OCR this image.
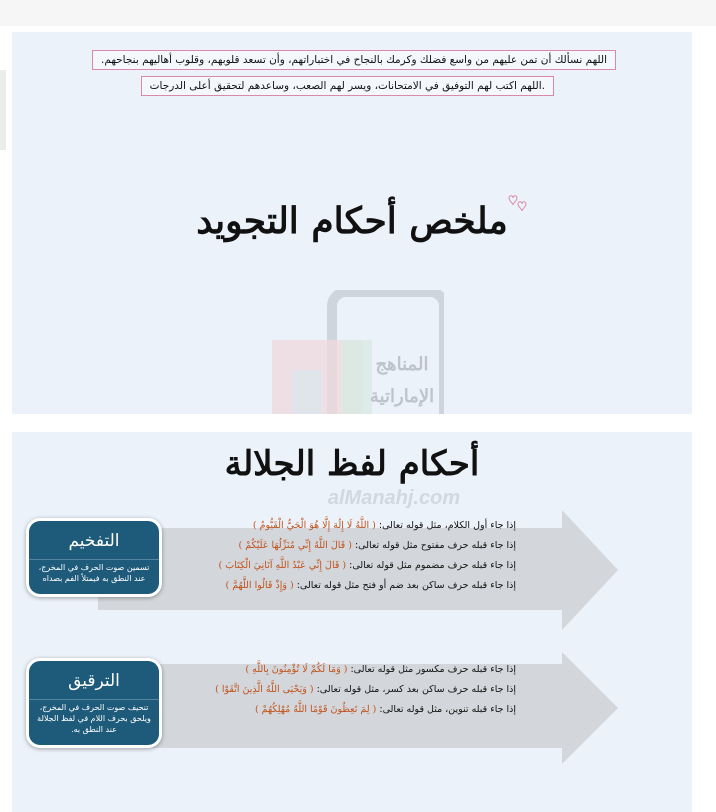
اللهم نسألك أن تمن عليهم من واسع فضلك وكرمك بالنجاح في اختباراتهم، وأن تسعد قلوبهم، وقلوب أهاليهم بنجاحهم.
.اللهم اكتب لهم التوفيق في الامتحانات، ويسر لهم الصعب، وساعدهم لتحقيق أعلى الدرجات
ملخص أحكام التجويد
المناهج
الإماراتية
أحكام لفظ الجلالة
إذا جاء أول الكلام، مثل قوله تعالى: ( اللَّهُ لَا إِلَٰهَ إِلَّا هُوَ الْحَيُّ الْقَيُّومُ )
إذا جاء قبله حرف مفتوح مثل قوله تعالى: ( قَالَ اللَّهُ إِنِّي مُنَزِّلُهَا عَلَيْكُمْ )
إذا جاء قبله حرف مضموم مثل قوله تعالى: ( قَالَ إِنِّي عَبْدُ اللَّهِ آتَانِيَ الْكِتَابَ )
إذا جاء قبله حرف ساكن بعد ضم أو فتح مثل قوله تعالى: ( وَإِذْ قَالُوا اللَّهُمَّ )
التفخيم
تسمين صوت الحرف في المخرج، عند النطق به فيمتلأ الفم بصداه
إذا جاء قبله حرف مكسور مثل قوله تعالى: ( وَمَا لَكُمْ لَا تُؤْمِنُونَ بِاللَّهِ )
إذا جاء قبله حرف ساكن بعد كسر، مثل قوله تعالى: ( وَيَحْيَى اللَّهُ الَّذِينَ اتَّقَوْا )
إذا جاء قبله تنوين، مثل قوله تعالى: ( لِمَ تَعِظُونَ قَوْمًا اللَّهُ مُهْلِكُهُمْ )
الترقيق
تنحيف صوت الحرف في المخرج، ويلحق بحرف اللام في لفظ الجلالة عند النطق به.
alManahj.com
